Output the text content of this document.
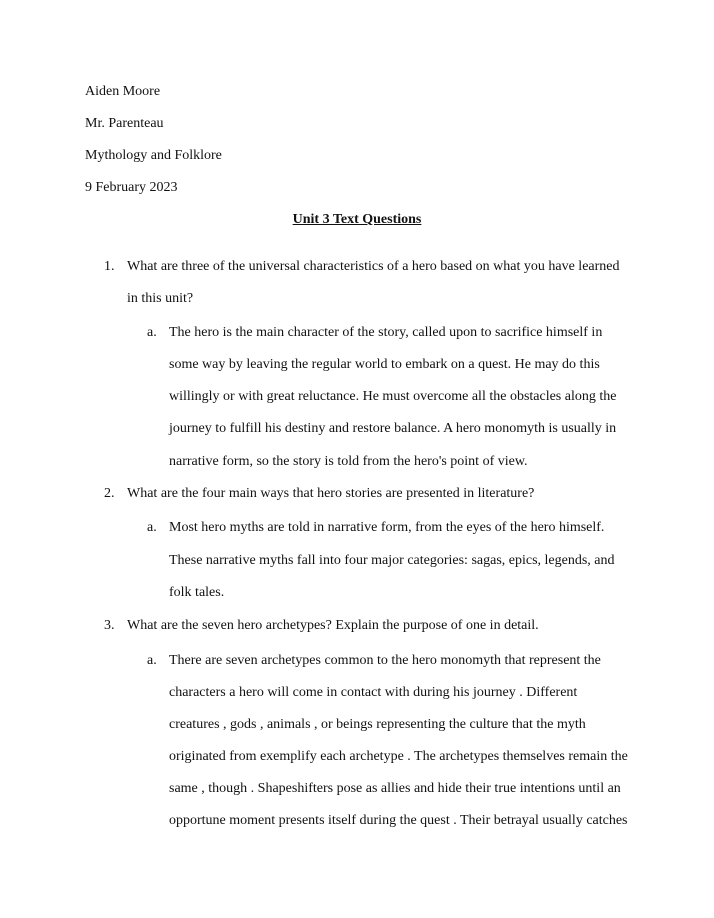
Aiden Moore
Mr. Parenteau
Mythology and Folklore
9 February 2023
Unit 3 Text Questions
1. What are three of the universal characteristics of a hero based on what you have learned
in this unit?
a. The hero is the main character of the story, called upon to sacrifice himself in
some way by leaving the regular world to embark on a quest. He may do this
willingly or with great reluctance. He must overcome all the obstacles along the
journey to fulfill his destiny and restore balance. A hero monomyth is usually in
narrative form, so the story is told from the hero's point of view.
2. What are the four main ways that hero stories are presented in literature?
a. Most hero myths are told in narrative form, from the eyes of the hero himself.
These narrative myths fall into four major categories: sagas, epics, legends, and
folk tales.
3. What are the seven hero archetypes? Explain the purpose of one in detail.
a. There are seven archetypes common to the hero monomyth that represent the
characters a hero will come in contact with during his journey . Different
creatures , gods , animals , or beings representing the culture that the myth
originated from exemplify each archetype . The archetypes themselves remain the
same , though . Shapeshifters pose as allies and hide their true intentions until an
opportune moment presents itself during the quest . Their betrayal usually catches
